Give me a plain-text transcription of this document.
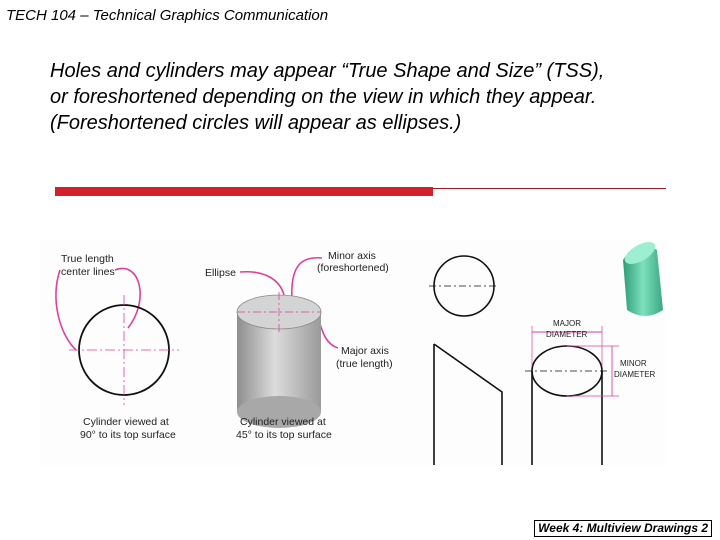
TECH 104 – Technical Graphics Communication
Holes and cylinders may appear “True Shape and Size” (TSS),
or foreshortened depending on the view in which they appear.
(Foreshortened circles will appear as ellipses.)
True length
center lines	Ellipse
Minor axis
(foreshortened)
Major axis
(true length)
Cylinder viewed at
90° to its top surface
Cylinder viewed at
45° to its top surface
MAJOR
DIAMETER
MINOR
DIAMETER
Week 4: Multiview Drawings 2
